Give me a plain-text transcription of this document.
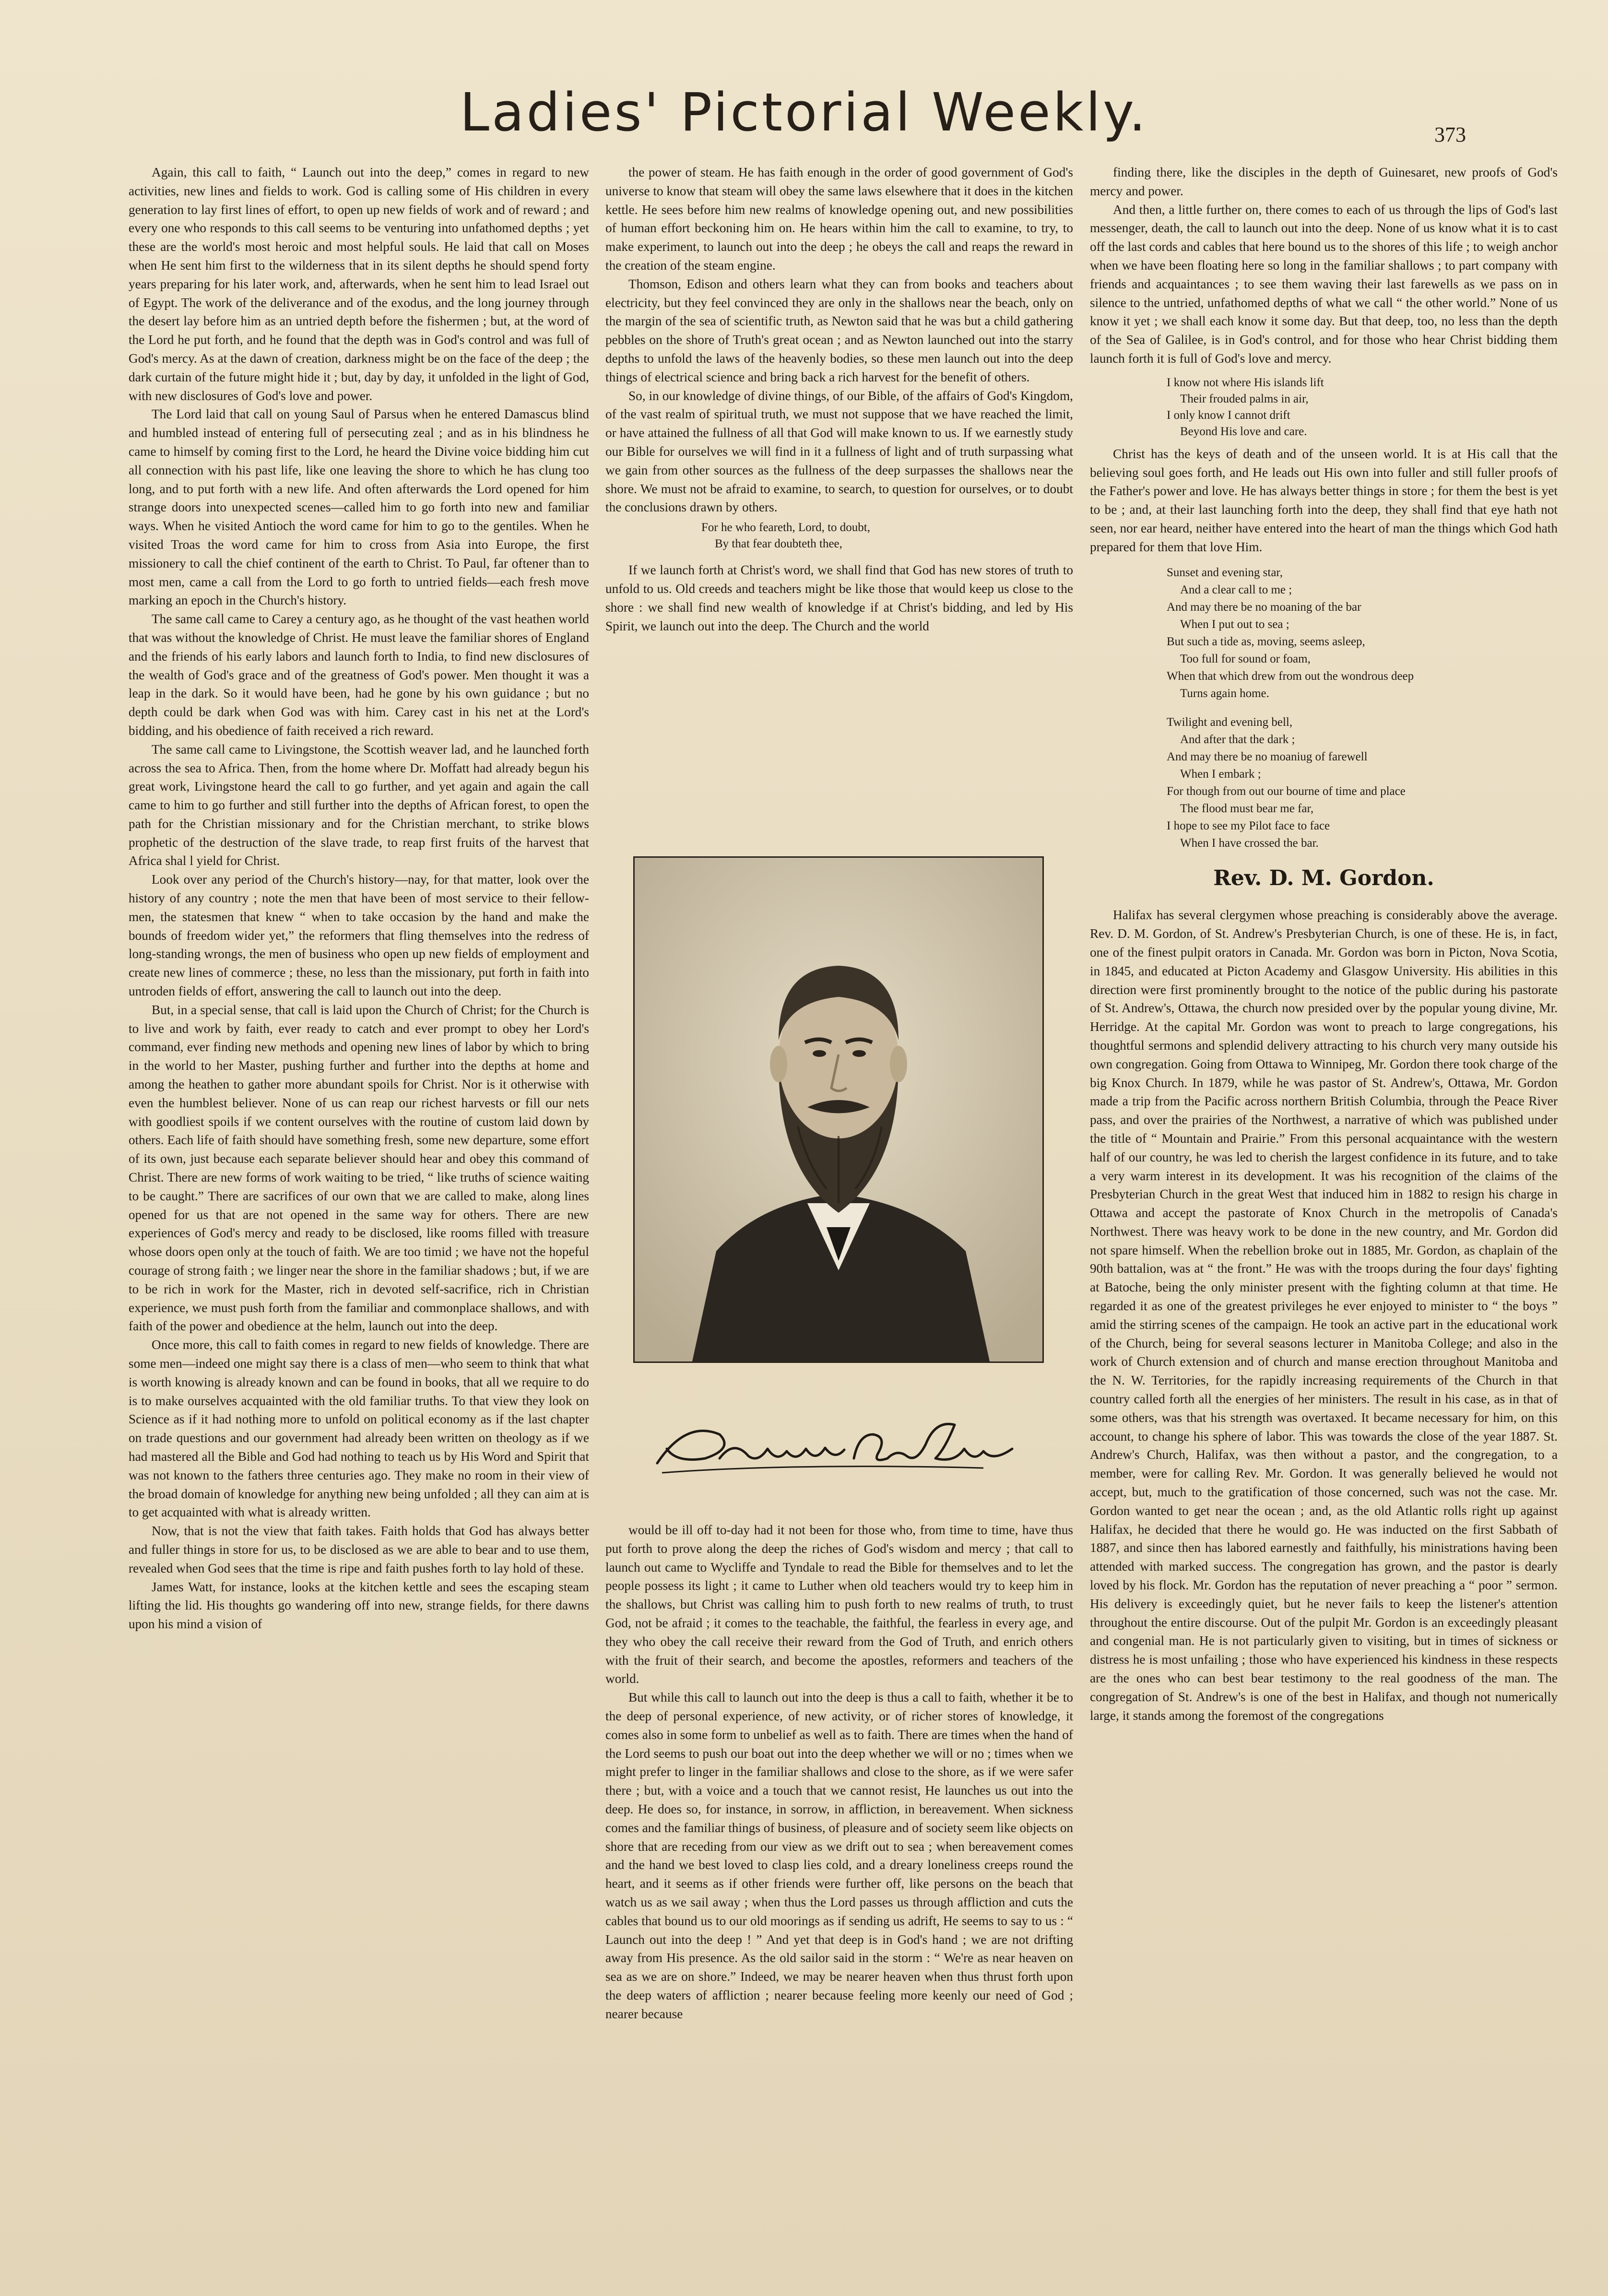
Ladies' Pictorial Weekly.	373

Again, this call to faith, “ Launch out into the deep,” comes in regard to new activities, new lines and fields to work. God is calling some of His children in every generation to lay first lines of effort, to open up new fields of work and of reward ; and every one who responds to this call seems to be venturing into unfathomed depths ; yet these are the world's most heroic and most helpful souls. He laid that call on Moses when He sent him first to the wilderness that in its silent depths he should spend forty years preparing for his later work, and, afterwards, when he sent him to lead Israel out of Egypt. The work of the deliverance and of the exodus, and the long journey through the desert lay before him as an untried depth before the fishermen ; but, at the word of the Lord he put forth, and he found that the depth was in God's control and was full of God's mercy. As at the dawn of creation, darkness might be on the face of the deep ; the dark curtain of the future might hide it ; but, day by day, it unfolded in the light of God, with new disclosures of God's love and power.

The Lord laid that call on young Saul of Parsus when he entered Damascus blind and humbled instead of entering full of persecuting zeal ; and as in his blindness he came to himself by coming first to the Lord, he heard the Divine voice bidding him cut all connection with his past life, like one leaving the shore to which he has clung too long, and to put forth with a new life. And often afterwards the Lord opened for him strange doors into unexpected scenes—called him to go forth into new and familiar ways. When he visited Antioch the word came for him to go to the gentiles. When he visited Troas the word came for him to cross from Asia into Europe, the first missionery to call the chief continent of the earth to Christ. To Paul, far oftener than to most men, came a call from the Lord to go forth to untried fields—each fresh move marking an epoch in the Church's history.

The same call came to Carey a century ago, as he thought of the vast heathen world that was without the knowledge of Christ. He must leave the familiar shores of England and the friends of his early labors and launch forth to India, to find new disclosures of the wealth of God's grace and of the greatness of God's power. Men thought it was a leap in the dark. So it would have been, had he gone by his own guidance ; but no depth could be dark when God was with him. Carey cast in his net at the Lord's bidding, and his obedience of faith received a rich reward.

The same call came to Livingstone, the Scottish weaver lad, and he launched forth across the sea to Africa. Then, from the home where Dr. Moffatt had already begun his great work, Livingstone heard the call to go further, and yet again and again the call came to him to go further and still further into the depths of African forest, to open the path for the Christian missionary and for the Christian merchant, to strike blows prophetic of the destruction of the slave trade, to reap first fruits of the harvest that Africa shal l yield for Christ.

Look over any period of the Church's history—nay, for that matter, look over the history of any country ; note the men that have been of most service to their fellow-men, the statesmen that knew “ when to take occasion by the hand and make the bounds of freedom wider yet,” the reformers that fling themselves into the redress of long-standing wrongs, the men of business who open up new fields of employment and create new lines of commerce ; these, no less than the missionary, put forth in faith into untroden fields of effort, answering the call to launch out into the deep.

But, in a special sense, that call is laid upon the Church of Christ; for the Church is to live and work by faith, ever ready to catch and ever prompt to obey her Lord's command, ever finding new methods and opening new lines of labor by which to bring in the world to her Master, pushing further and further into the depths at home and among the heathen to gather more abundant spoils for Christ. Nor is it otherwise with even the humblest believer. None of us can reap our richest harvests or fill our nets with goodliest spoils if we content ourselves with the routine of custom laid down by others. Each life of faith should have something fresh, some new departure, some effort of its own, just because each separate believer should hear and obey this command of Christ. There are new forms of work waiting to be tried, “ like truths of science waiting to be caught.” There are sacrifices of our own that we are called to make, along lines opened for us that are not opened in the same way for others. There are new experiences of God's mercy and ready to be disclosed, like rooms filled with treasure whose doors open only at the touch of faith. We are too timid ; we have not the hopeful courage of strong faith ; we linger near the shore in the familiar shadows ; but, if we are to be rich in work for the Master, rich in devoted self-sacrifice, rich in Christian experience, we must push forth from the familiar and commonplace shallows, and with faith of the power and obedience at the helm, launch out into the deep.

Once more, this call to faith comes in regard to new fields of knowledge. There are some men—indeed one might say there is a class of men—who seem to think that what is worth knowing is already known and can be found in books, that all we require to do is to make ourselves acquainted with the old familiar truths. To that view they look on Science as if it had nothing more to unfold on political economy as if the last chapter on trade questions and our government had already been written on theology as if we had mastered all the Bible and God had nothing to teach us by His Word and Spirit that was not known to the fathers three centuries ago. They make no room in their view of the broad domain of knowledge for anything new being unfolded ; all they can aim at is to get acquainted with what is already written.

Now, that is not the view that faith takes. Faith holds that God has always better and fuller things in store for us, to be disclosed as we are able to bear and to use them, revealed when God sees that the time is ripe and faith pushes forth to lay hold of these.

James Watt, for instance, looks at the kitchen kettle and sees the escaping steam lifting the lid. His thoughts go wandering off into new, strange fields, for there dawns upon his mind a vision of

the power of steam. He has faith enough in the order of good government of God's universe to know that steam will obey the same laws elsewhere that it does in the kitchen kettle. He sees before him new realms of knowledge opening out, and new possibilities of human effort beckoning him on. He hears within him the call to examine, to try, to make experiment, to launch out into the deep ; he obeys the call and reaps the reward in the creation of the steam engine.

Thomson, Edison and others learn what they can from books and teachers about electricity, but they feel convinced they are only in the shallows near the beach, only on the margin of the sea of scientific truth, as Newton said that he was but a child gathering pebbles on the shore of Truth's great ocean ; and as Newton launched out into the starry depths to unfold the laws of the heavenly bodies, so these men launch out into the deep things of electrical science and bring back a rich harvest for the benefit of others.

So, in our knowledge of divine things, of our Bible, of the affairs of God's Kingdom, of the vast realm of spiritual truth, we must not suppose that we have reached the limit, or have attained the fullness of all that God will make known to us. If we earnestly study our Bible for ourselves we will find in it a fullness of light and of truth surpassing what we gain from other sources as the fullness of the deep surpasses the shallows near the shore. We must not be afraid to examine, to search, to question for ourselves, or to doubt the conclusions drawn by others.

For he who feareth, Lord, to doubt,
By that fear doubteth thee,

If we launch forth at Christ's word, we shall find that God has new stores of truth to unfold to us. Old creeds and teachers might be like those that would keep us close to the shore : we shall find new wealth of knowledge if at Christ's bidding, and led by His Spirit, we launch out into the deep. The Church and the world

would be ill off to-day had it not been for those who, from time to time, have thus put forth to prove along the deep the riches of God's wisdom and mercy ; that call to launch out came to Wycliffe and Tyndale to read the Bible for themselves and to let the people possess its light ; it came to Luther when old teachers would try to keep him in the shallows, but Christ was calling him to push forth to new realms of truth, to trust God, not be afraid ; it comes to the teachable, the faithful, the fearless in every age, and they who obey the call receive their reward from the God of Truth, and enrich others with the fruit of their search, and become the apostles, reformers and teachers of the world.

But while this call to launch out into the deep is thus a call to faith, whether it be to the deep of personal experience, of new activity, or of richer stores of knowledge, it comes also in some form to unbelief as well as to faith. There are times when the hand of the Lord seems to push our boat out into the deep whether we will or no ; times when we might prefer to linger in the familiar shallows and close to the shore, as if we were safer there ; but, with a voice and a touch that we cannot resist, He launches us out into the deep. He does so, for instance, in sorrow, in affliction, in bereavement. When sickness comes and the familiar things of business, of pleasure and of society seem like objects on shore that are receding from our view as we drift out to sea ; when bereavement comes and the hand we best loved to clasp lies cold, and a dreary loneliness creeps round the heart, and it seems as if other friends were further off, like persons on the beach that watch us as we sail away ; when thus the Lord passes us through affliction and cuts the cables that bound us to our old moorings as if sending us adrift, He seems to say to us : “ Launch out into the deep ! ” And yet that deep is in God's hand ; we are not drifting away from His presence. As the old sailor said in the storm : “ We're as near heaven on sea as we are on shore.” Indeed, we may be nearer heaven when thus thrust forth upon the deep waters of affliction ; nearer because feeling more keenly our need of God ; nearer because

finding there, like the disciples in the depth of Guinesaret, new proofs of God's mercy and power.

And then, a little further on, there comes to each of us through the lips of God's last messenger, death, the call to launch out into the deep. None of us know what it is to cast off the last cords and cables that here bound us to the shores of this life ; to weigh anchor when we have been floating here so long in the familiar shallows ; to part company with friends and acquaintances ; to see them waving their last farewells as we pass on in silence to the untried, unfathomed depths of what we call “ the other world.” None of us know it yet ; we shall each know it some day. But that deep, too, no less than the depth of the Sea of Galilee, is in God's control, and for those who hear Christ bidding them launch forth it is full of God's love and mercy.

I know not where His islands lift
Their frouded palms in air,
I only know I cannot drift
Beyond His love and care.

Christ has the keys of death and of the unseen world. It is at His call that the believing soul goes forth, and He leads out His own into fuller and still fuller proofs of the Father's power and love. He has always better things in store ; for them the best is yet to be ; and, at their last launching forth into the deep, they shall find that eye hath not seen, nor ear heard, neither have entered into the heart of man the things which God hath prepared for them that love Him.

Sunset and evening star,
And a clear call to me ;
And may there be no moaning of the bar
When I put out to sea ;
But such a tide as, moving, seems asleep,
Too full for sound or foam,
When that which drew from out the wondrous deep
Turns again home.
Twilight and evening bell,
And after that the dark ;
And may there be no moaniug of farewell
When I embark ;
For though from out our bourne of time and place
The flood must bear me far,
I hope to see my Pilot face to face
When I have crossed the bar.
Rev. D. M. Gordon.

Halifax has several clergymen whose preaching is considerably above the average. Rev. D. M. Gordon, of St. Andrew's Presbyterian Church, is one of these. He is, in fact, one of the finest pulpit orators in Canada. Mr. Gordon was born in Picton, Nova Scotia, in 1845, and educated at Picton Academy and Glasgow University. His abilities in this direction were first prominently brought to the notice of the public during his pastorate of St. Andrew's, Ottawa, the church now presided over by the popular young divine, Mr. Herridge. At the capital Mr. Gordon was wont to preach to large congregations, his thoughtful sermons and splendid delivery attracting to his church very many outside his own congregation. Going from Ottawa to Winnipeg, Mr. Gordon there took charge of the big Knox Church. In 1879, while he was pastor of St. Andrew's, Ottawa, Mr. Gordon made a trip from the Pacific across northern British Columbia, through the Peace River pass, and over the prairies of the Northwest, a narrative of which was published under the title of “ Mountain and Prairie.” From this personal acquaintance with the western half of our country, he was led to cherish the largest confidence in its future, and to take a very warm interest in its development. It was his recognition of the claims of the Presbyterian Church in the great West that induced him in 1882 to resign his charge in Ottawa and accept the pastorate of Knox Church in the metropolis of Canada's Northwest. There was heavy work to be done in the new country, and Mr. Gordon did not spare himself. When the rebellion broke out in 1885, Mr. Gordon, as chaplain of the 90th battalion, was at “ the front.” He was with the troops during the four days' fighting at Batoche, being the only minister present with the fighting column at that time. He regarded it as one of the greatest privileges he ever enjoyed to minister to “ the boys ” amid the stirring scenes of the campaign. He took an active part in the educational work of the Church, being for several seasons lecturer in Manitoba College; and also in the work of Church extension and of church and manse erection throughout Manitoba and the N. W. Territories, for the rapidly increasing requirements of the Church in that country called forth all the energies of her ministers. The result in his case, as in that of some others, was that his strength was overtaxed. It became necessary for him, on this account, to change his sphere of labor. This was towards the close of the year 1887. St. Andrew's Church, Halifax, was then without a pastor, and the congregation, to a member, were for calling Rev. Mr. Gordon. It was generally believed he would not accept, but, much to the gratification of those concerned, such was not the case. Mr. Gordon wanted to get near the ocean ; and, as the old Atlantic rolls right up against Halifax, he decided that there he would go. He was inducted on the first Sabbath of 1887, and since then has labored earnestly and faithfully, his ministrations having been attended with marked success. The congregation has grown, and the pastor is dearly loved by his flock. Mr. Gordon has the reputation of never preaching a “ poor ” sermon. His delivery is exceedingly quiet, but he never fails to keep the listener's attention throughout the entire discourse. Out of the pulpit Mr. Gordon is an exceedingly pleasant and congenial man. He is not particularly given to visiting, but in times of sickness or distress he is most unfailing ; those who have experienced his kindness in these respects are the ones who can best bear testimony to the real goodness of the man. The congregation of St. Andrew's is one of the best in Halifax, and though not numerically large, it stands among the foremost of the congregations
